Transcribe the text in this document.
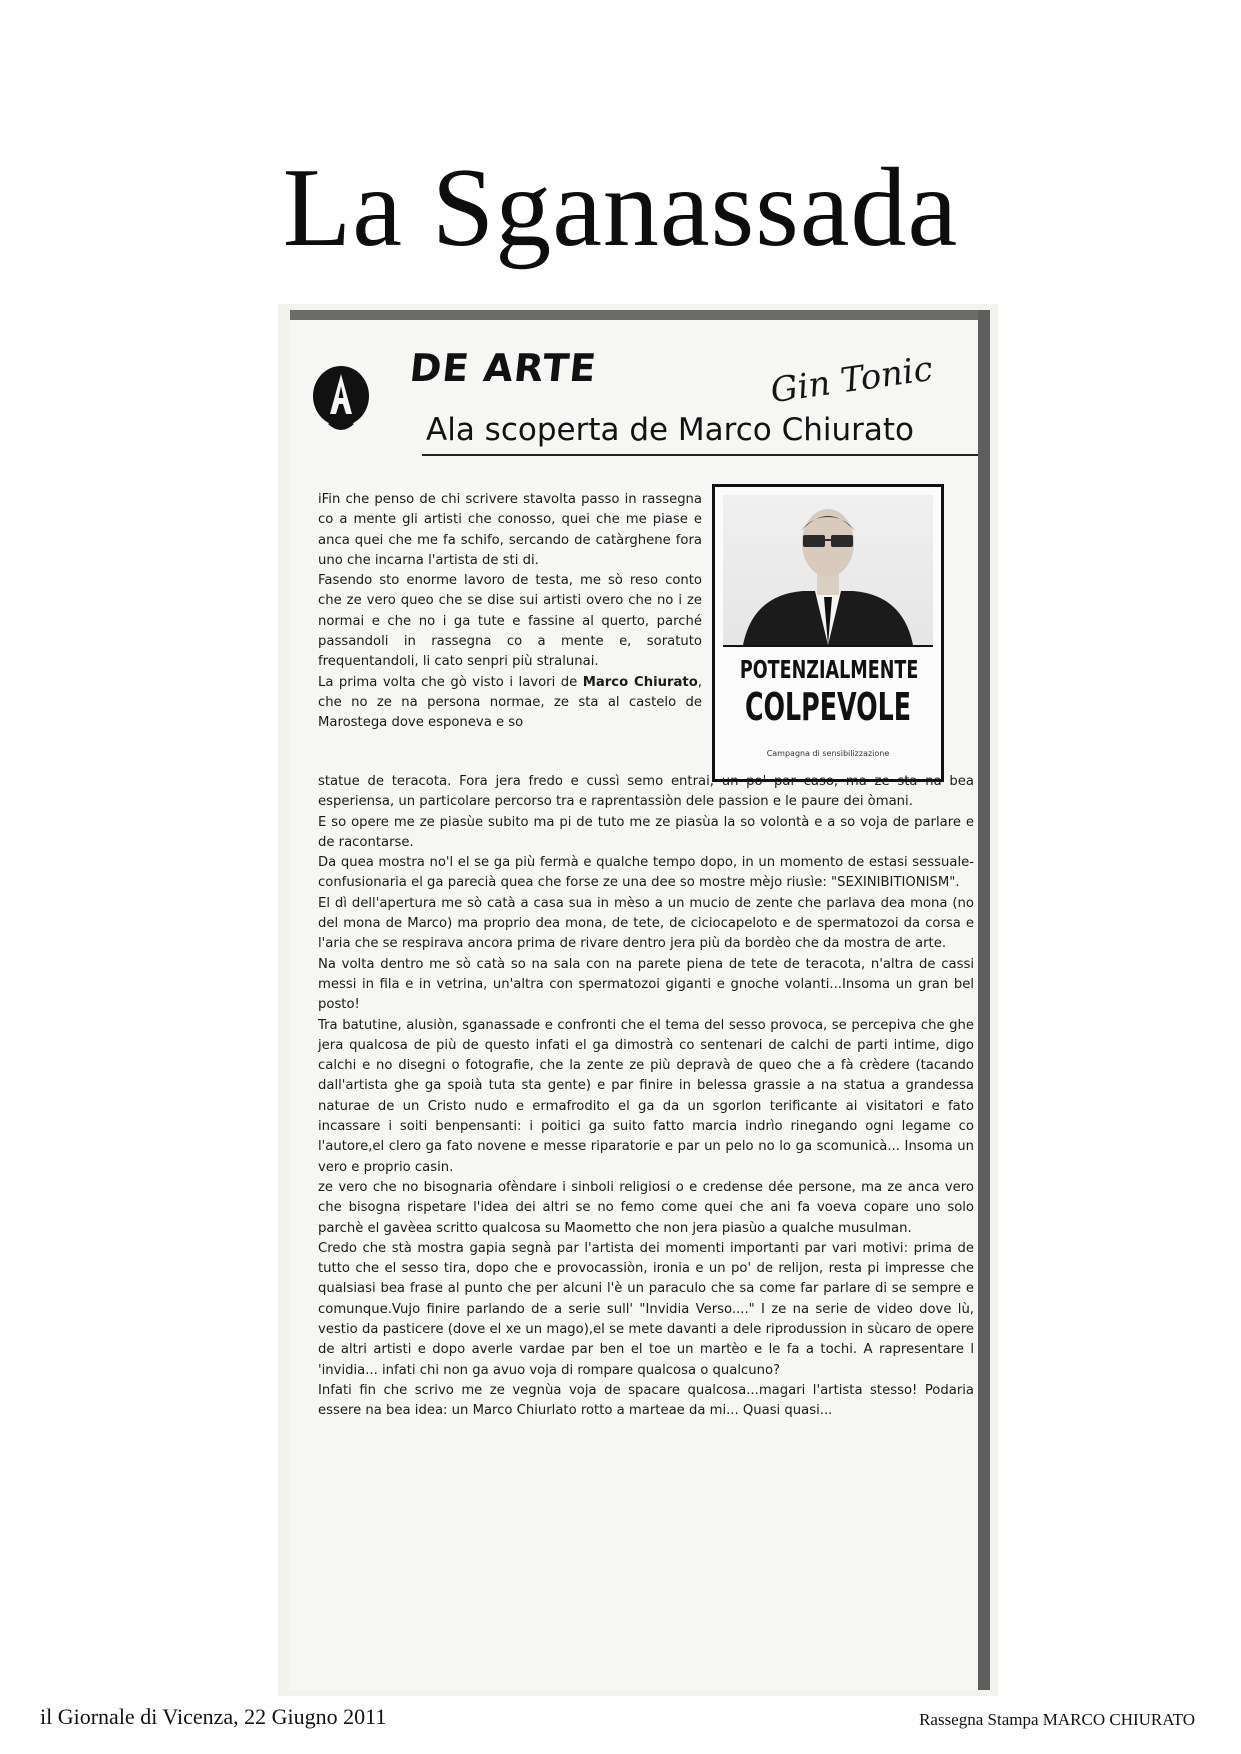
La Sganassada
DE ARTE	Gin Tonic
Ala scoperta de Marco Chiurato
POTENZIALMENTE
COLPEVOLE
Campagna di sensibilizzazione

iFin che penso de chi scrivere stavolta passo in rassegna co a mente gli artisti che conosso, quei che me piase e anca quei che me fa schifo, sercando de catàrghene fora uno che incarna l'artista de sti di.

Fasendo sto enorme lavoro de testa, me sò reso conto che ze vero queo che se dise sui artisti overo che no i ze normai e che no i ga tute e fassine al querto, parché passandoli in rassegna co a mente e, soratuto frequentandoli, li cato senpri più stralunai.

La prima volta che gò visto i lavori de Marco Chiurato, che no ze na persona normae, ze sta al castelo de Marostega dove esponeva e so

statue de teracota. Fora jera fredo e cussì semo entrai, un po' par caso, ma ze sta na bea esperiensa, un particolare percorso tra e raprentassiòn dele passion e le paure dei òmani.

E so opere me ze piasùe subito ma pi de tuto me ze piasùa la so volontà e a so voja de parlare e de racontarse.

Da quea mostra no'l el se ga più fermà e qualche tempo dopo, in un momento de estasi sessuale-confusionaria el ga parecià quea che forse ze una dee so mostre mèjo riusìe: "SEXINIBITIONISM".

El dì dell'apertura me sò catà a casa sua in mèso a un mucio de zente che parlava dea mona (no del mona de Marco) ma proprio dea mona, de tete, de ciciocapeloto e de spermatozoi da corsa e l'aria che se respirava ancora prima de rivare dentro jera più da bordèo che da mostra de arte.

Na volta dentro me sò catà so na sala con na parete piena de tete de teracota, n'altra de cassi messi in fila e in vetrina, un'altra con spermatozoi giganti e gnoche volanti...Insoma un gran bel posto!

Tra batutine, alusiòn, sganassade e confronti che el tema del sesso provoca, se percepiva che ghe jera qualcosa de più de questo infati el ga dimostrà co sentenari de calchi de parti intime, digo calchi e no disegni o fotografie, che la zente ze più depravà de queo che a fà crèdere (tacando dall'artista ghe ga spoià tuta sta gente) e par finire in belessa grassie a na statua a grandessa naturae de un Cristo nudo e ermafrodito el ga da un sgorlon terificante ai visitatori e fato incassare i soiti benpensanti: i poitici ga suito fatto marcia indrìo rinegando ogni legame co l'autore,el clero ga fato novene e messe riparatorie e par un pelo no lo ga scomunicà... Insoma un vero e proprio casin.

ze vero che no bisognaria ofèndare i sinboli religiosi o e credense dée persone, ma ze anca vero che bisogna rispetare l'idea dei altri se no femo come quei che ani fa voeva copare uno solo parchè el gavèea scritto qualcosa su Maometto che non jera piasùo a qualche musulman.

Credo che stà mostra gapia segnà par l'artista dei momenti importanti par vari motivi: prima de tutto che el sesso tira, dopo che e provocassiòn, ironia e un po' de relijon, resta pi impresse che qualsiasi bea frase al punto che per alcuni l'è un paraculo che sa come far parlare di se sempre e comunque.Vujo finire parlando de a serie sull' "Invidia Verso...." I ze na serie de video dove lù, vestio da pasticere (dove el xe un mago),el se mete davanti a dele riprodussion in sùcaro de opere de altri artisti e dopo averle vardae par ben el toe un martèo e le fa a tochi. A rapresentare l 'invidia... infati chi non ga avuo voja di rompare qualcosa o qualcuno?

Infati fin che scrivo me ze vegnùa voja de spacare qualcosa...magari l'artista stesso! Podaria essere na bea idea: un Marco Chiurlato rotto a marteae da mi... Quasi quasi...

il Giornale di Vicenza, 22 Giugno 2011	Rassegna Stampa MARCO CHIURATO
